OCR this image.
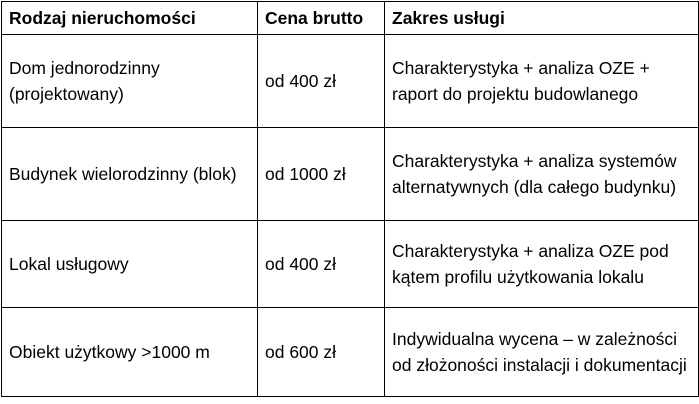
Rodzaj nieruchomości	Cena brutto	Zakres usługi
Dom jednorodzinny (projektowany)	od 400 zł	Charakterystyka + analiza OZE + raport do projektu budowlanego
Budynek wielorodzinny (blok)	od 1000 zł	Charakterystyka + analiza systemów alternatywnych (dla całego budynku)
Lokal usługowy	od 400 zł	Charakterystyka + analiza OZE pod kątem profilu użytkowania lokalu
Obiekt użytkowy >1000 m	od 600 zł	Indywidualna wycena – w zależności od złożoności instalacji i dokumentacji
